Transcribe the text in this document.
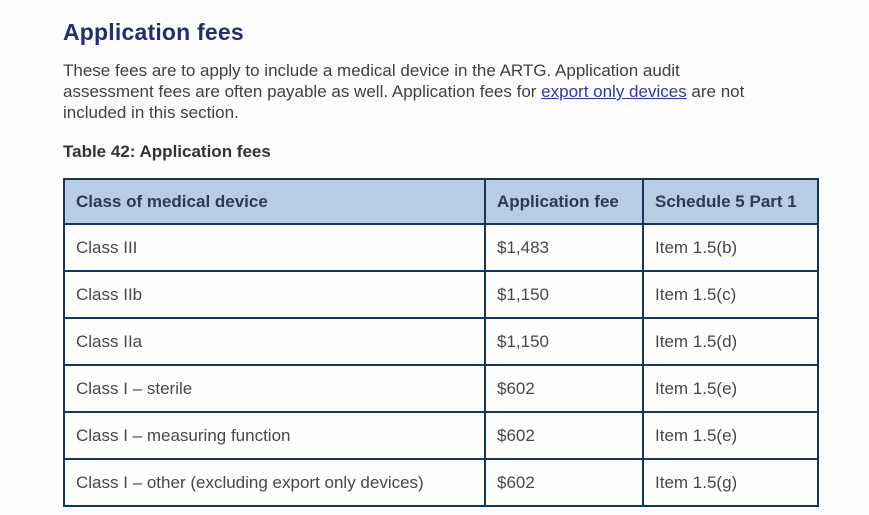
Application fees

These fees are to apply to include a medical device in the ARTG. Application audit
assessment fees are often payable as well. Application fees for export only devices are not
included in this section.

Table 42: Application fees
Class of medical device	Application fee	Schedule 5 Part 1
Class III	$1,483	Item 1.5(b)
Class IIb	$1,150	Item 1.5(c)
Class IIa	$1,150	Item 1.5(d)
Class I – sterile	$602	Item 1.5(e)
Class I – measuring function	$602	Item 1.5(e)
Class I – other (excluding export only devices)	$602	Item 1.5(g)
